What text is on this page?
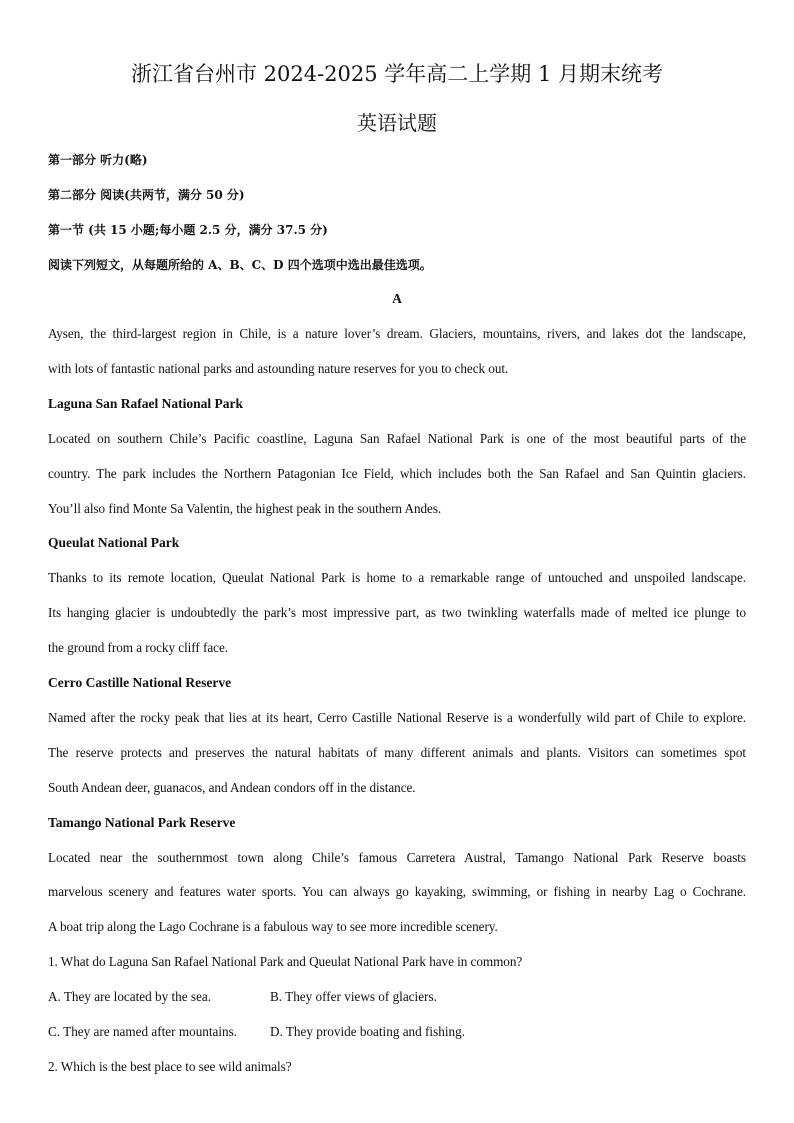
浙江省台州市 2024-2025 学年高二上学期 1 月期末统考
英语试题
第一部分 听力(略)
第二部分 阅读(共两节，满分 50 分)
第一节 (共 15 小题;每小题 2.5 分，满分 37.5 分)
阅读下列短文，从每题所给的 A、B、C、D 四个选项中选出最佳选项。
A
Aysen, the third-largest region in Chile, is a nature lover’s dream. Glaciers, mountains, rivers, and lakes dot the landscape,
with lots of fantastic national parks and astounding nature reserves for you to check out.
Laguna San Rafael National Park
Located on southern Chile’s Pacific coastline, Laguna San Rafael National Park is one of the most beautiful parts of the
country. The park includes the Northern Patagonian Ice Field, which includes both the San Rafael and San Quintin glaciers.
You’ll also find Monte Sa Valentin, the highest peak in the southern Andes.
Queulat National Park
Thanks to its remote location, Queulat National Park is home to a remarkable range of untouched and unspoiled landscape.
Its hanging glacier is undoubtedly the park’s most impressive part, as two twinkling waterfalls made of melted ice plunge to
the ground from a rocky cliff face.
Cerro Castille National Reserve
Named after the rocky peak that lies at its heart, Cerro Castille National Reserve is a wonderfully wild part of Chile to explore.
The reserve protects and preserves the natural habitats of many different animals and plants. Visitors can sometimes spot
South Andean deer, guanacos, and Andean condors off in the distance.
Tamango National Park Reserve
Located near the southernmost town along Chile’s famous Carretera Austral, Tamango National Park Reserve boasts
marvelous scenery and features water sports. You can always go kayaking, swimming, or fishing in nearby Lag o Cochrane.
A boat trip along the Lago Cochrane is a fabulous way to see more incredible scenery.
1. What do Laguna San Rafael National Park and Queulat National Park have in common?
A. They are located by the sea.	B. They offer views of glaciers.
C. They are named after mountains. D. They provide boating and fishing.
2. Which is the best place to see wild animals?
